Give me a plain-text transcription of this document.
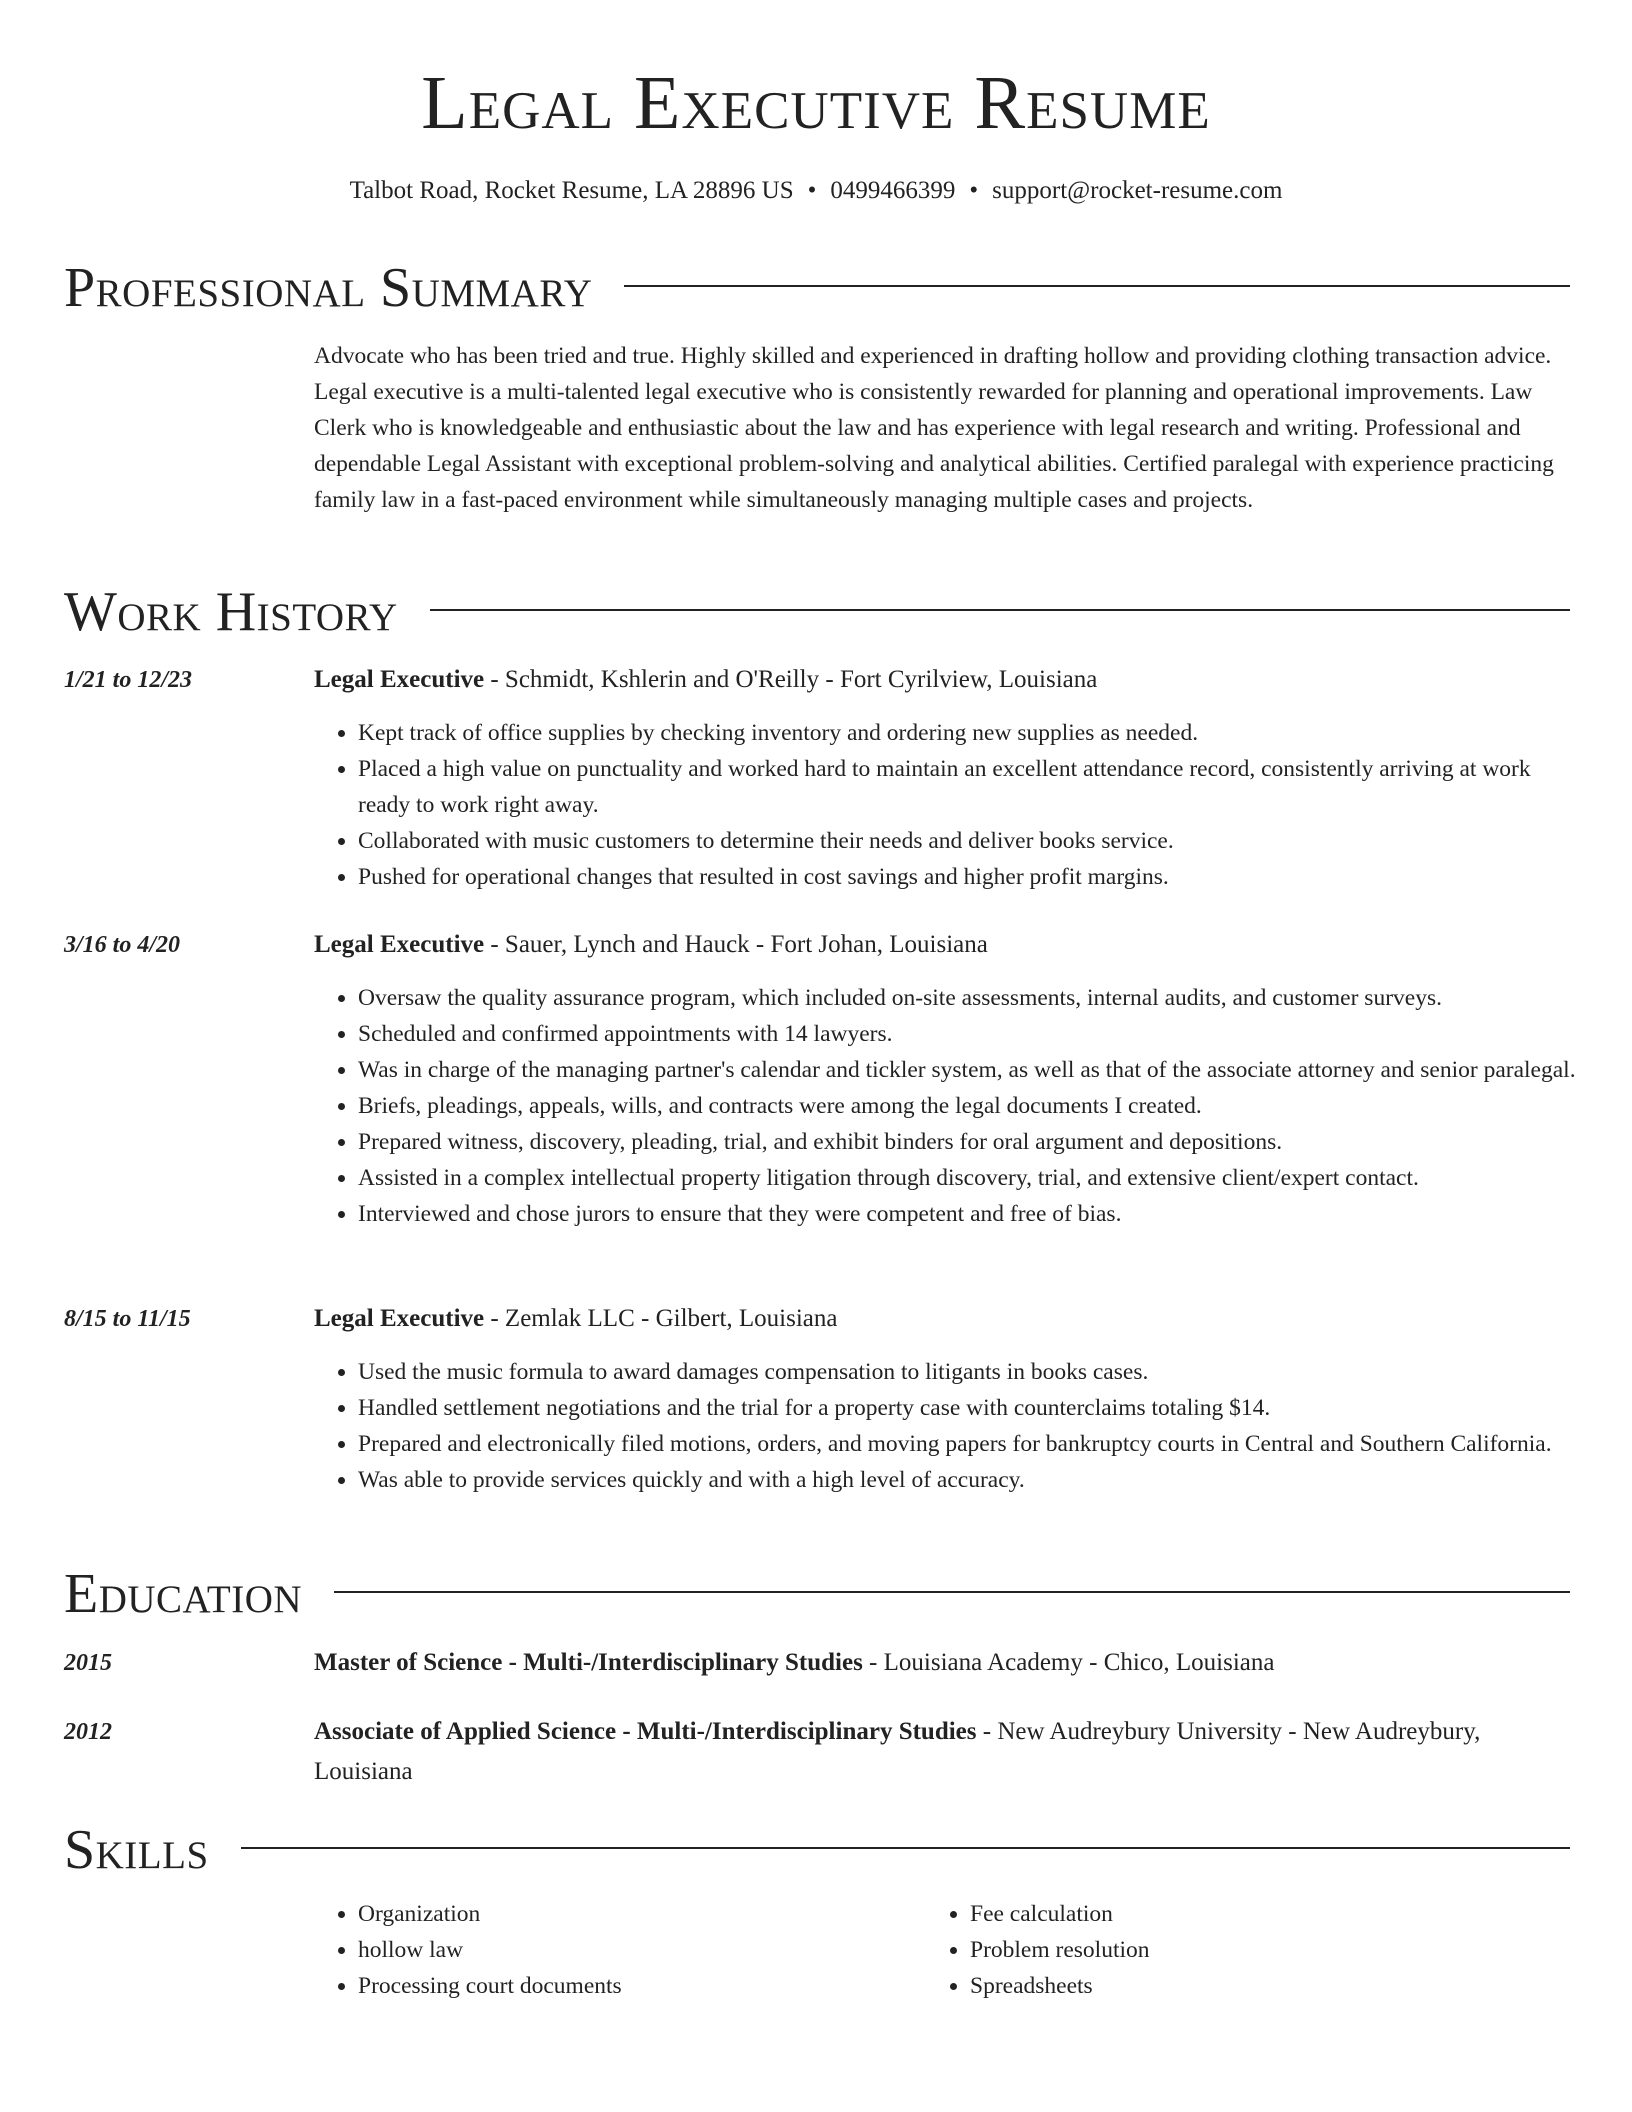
Legal Executive Resume
Talbot Road, Rocket Resume, LA 28896 US • 0499466399 • support@rocket-resume.com
Professional Summary

Advocate who has been tried and true. Highly skilled and experienced in drafting hollow and providing clothing transaction advice. Legal executive is a multi-talented legal executive who is consistently rewarded for planning and operational improvements. Law Clerk who is knowledgeable and enthusiastic about the law and has experience with legal research and writing. Professional and dependable Legal Assistant with exceptional problem-solving and analytical abilities. Certified paralegal with experience practicing family law in a fast-paced environment while simultaneously managing multiple cases and projects.

Work History
1/21 to 12/23	Legal Executive - Schmidt, Kshlerin and O'Reilly - Fort Cyrilview, Louisiana
• Kept track of office supplies by checking inventory and ordering new supplies as needed.
• Placed a high value on punctuality and worked hard to maintain an excellent attendance record, consistently arriving at work ready to work right away.
• Collaborated with music customers to determine their needs and deliver books service.
• Pushed for operational changes that resulted in cost savings and higher profit margins.
3/16 to 4/20	Legal Executive - Sauer, Lynch and Hauck - Fort Johan, Louisiana
• Oversaw the quality assurance program, which included on-site assessments, internal audits, and customer surveys.
• Scheduled and confirmed appointments with 14 lawyers.
• Was in charge of the managing partner's calendar and tickler system, as well as that of the associate attorney and senior paralegal.
• Briefs, pleadings, appeals, wills, and contracts were among the legal documents I created.
• Prepared witness, discovery, pleading, trial, and exhibit binders for oral argument and depositions.
• Assisted in a complex intellectual property litigation through discovery, trial, and extensive client/expert contact.
• Interviewed and chose jurors to ensure that they were competent and free of bias.
8/15 to 11/15	Legal Executive - Zemlak LLC - Gilbert, Louisiana
• Used the music formula to award damages compensation to litigants in books cases.
• Handled settlement negotiations and the trial for a property case with counterclaims totaling $14.
• Prepared and electronically filed motions, orders, and moving papers for bankruptcy courts in Central and Southern California.
• Was able to provide services quickly and with a high level of accuracy.
Education
2015	Master of Science - Multi-/Interdisciplinary Studies - Louisiana Academy - Chico, Louisiana
2012	Associate of Applied Science - Multi-/Interdisciplinary Studies - New Audreybury University - New Audreybury, Louisiana
Skills
• Organization
• hollow law
• Processing court documents
• Fee calculation
• Problem resolution
• Spreadsheets
